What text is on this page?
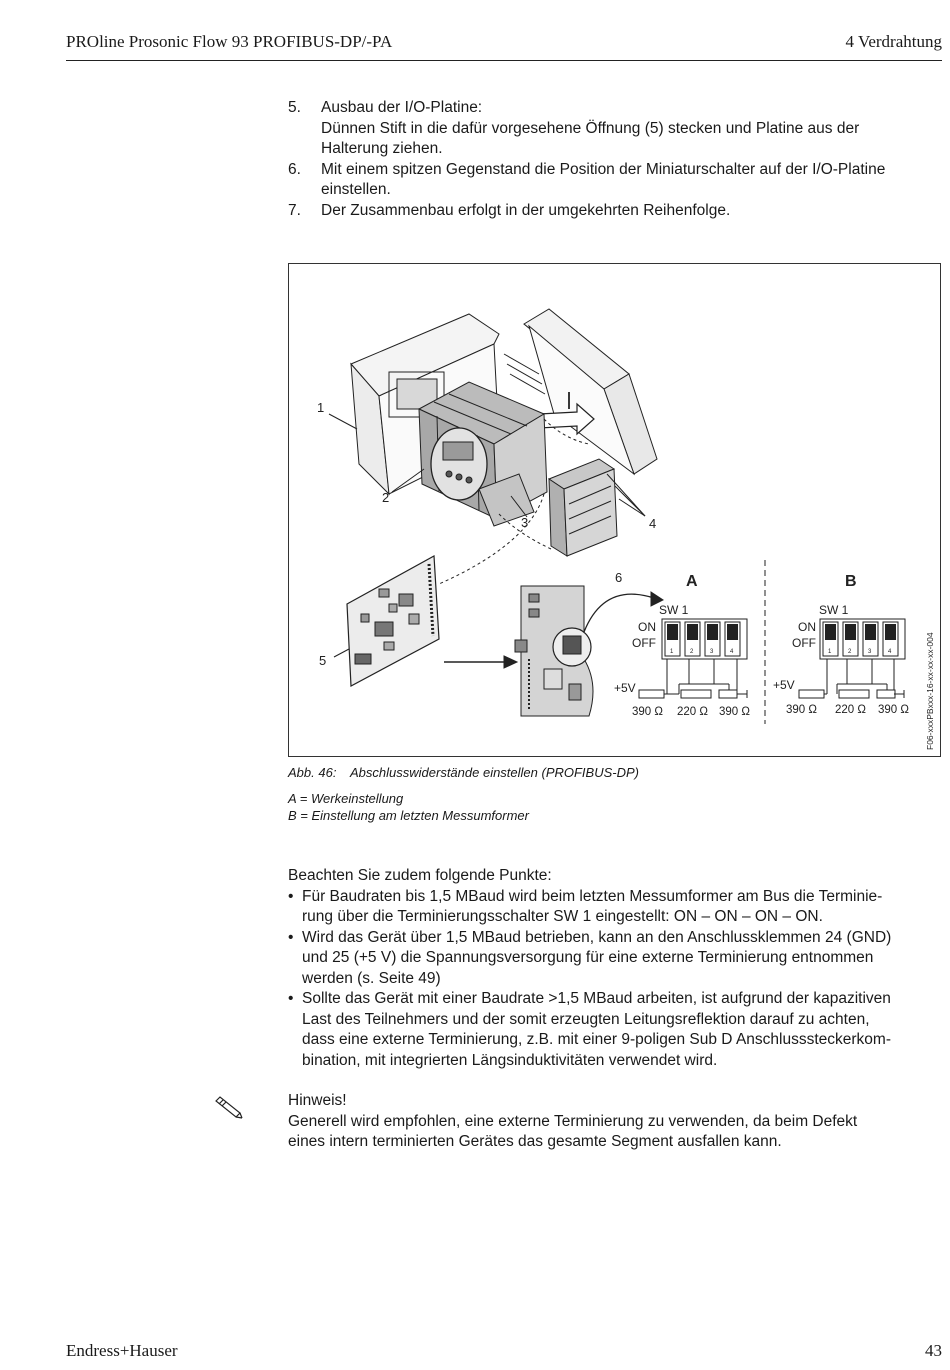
PROline Prosonic Flow 93 PROFIBUS-DP/-PA	4 Verdrahtung
5. Ausbau der I/O-Platine:
Dünnen Stift in die dafür vorgesehene Öffnung (5) stecken und Platine aus der
Halterung ziehen.
6. Mit einem spitzen Gegenstand die Position der Miniaturschalter auf der I/O-Platine
einstellen.
7. Der Zusammenbau erfolgt in der umgekehrten Reihenfolge.
1	2	3	4	1	2	3	4
1
2
3	4
5
6	A	B
SW 1	SW 1
ON
OFF
ON
OFF
+5V	+5V
390 Ω 220 Ω 390 Ω	390 Ω 220 Ω 390 Ω F06-xxxPBxxx-16-xx-xx-xx-004
Abb. 46: Abschlusswiderstände einstellen (PROFIBUS-DP)
A = Werkeinstellung
B = Einstellung am letzten Messumformer
Beachten Sie zudem folgende Punkte:
• Für Baudraten bis 1,5 MBaud wird beim letzten Messumformer am Bus die Terminie-
rung über die Terminierungsschalter SW 1 eingestellt: ON – ON – ON – ON.
• Wird das Gerät über 1,5 MBaud betrieben, kann an den Anschlussklemmen 24 (GND)
und 25 (+5 V) die Spannungsversorgung für eine externe Terminierung entnommen
werden (s. Seite 49)
• Sollte das Gerät mit einer Baudrate >1,5 MBaud arbeiten, ist aufgrund der kapazitiven
Last des Teilnehmers und der somit erzeugten Leitungsreflektion darauf zu achten,
dass eine externe Terminierung, z.B. mit einer 9-poligen Sub D Anschlusssteckerkom-
bination, mit integrierten Längsinduktivitäten verwendet wird.
Hinweis!
Generell wird empfohlen, eine externe Terminierung zu verwenden, da beim Defekt
eines intern terminierten Gerätes das gesamte Segment ausfallen kann.
Endress+Hauser	43
